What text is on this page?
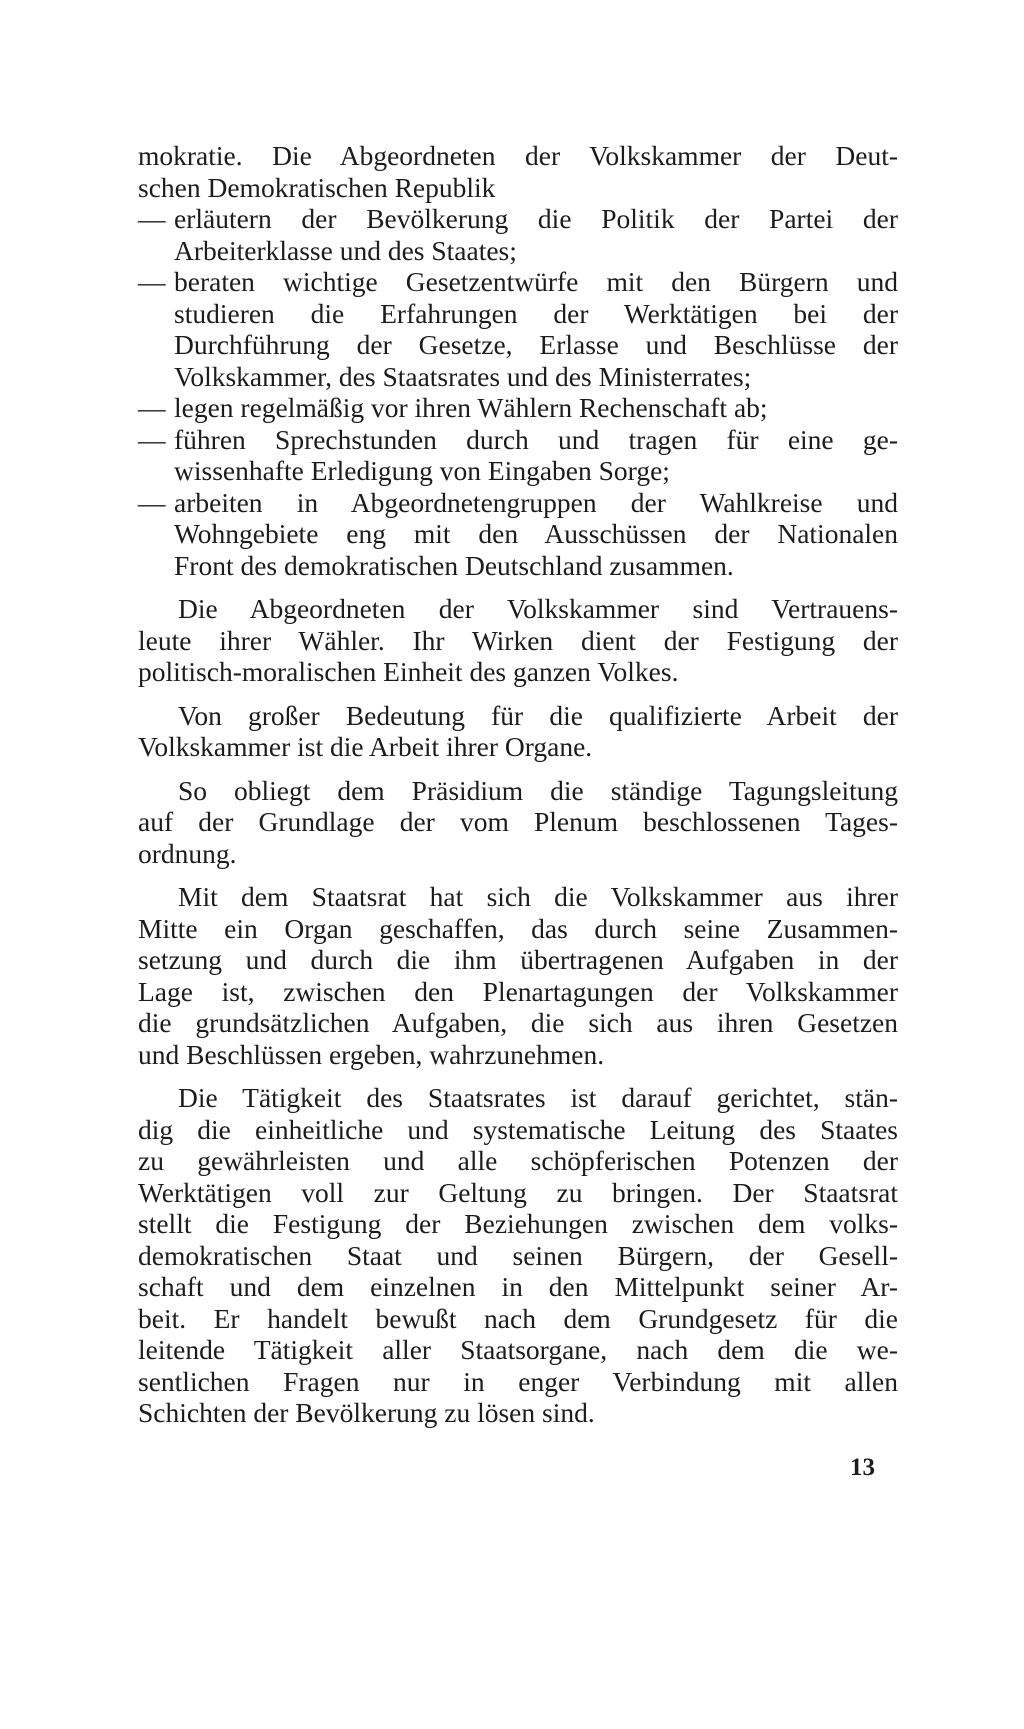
mokratie. Die Abgeordneten der Volkskammer der Deut-
schen Demokratischen Republik
— erläutern der Bevölkerung die Politik der Partei der
Arbeiterklasse und des Staates;
— beraten wichtige Gesetzentwürfe mit den Bürgern und
studieren die Erfahrungen der Werktätigen bei der
Durchführung der Gesetze, Erlasse und Beschlüsse der
Volkskammer, des Staatsrates und des Ministerrates;
— legen regelmäßig vor ihren Wählern Rechenschaft ab;
— führen Sprechstunden durch und tragen für eine ge-
wissenhafte Erledigung von Eingaben Sorge;
— arbeiten in Abgeordnetengruppen der Wahlkreise und
Wohngebiete eng mit den Ausschüssen der Nationalen
Front des demokratischen Deutschland zusammen.
Die Abgeordneten der Volkskammer sind Vertrauens-
leute ihrer Wähler. Ihr Wirken dient der Festigung der
politisch-moralischen Einheit des ganzen Volkes.
Von großer Bedeutung für die qualifizierte Arbeit der
Volkskammer ist die Arbeit ihrer Organe.
So obliegt dem Präsidium die ständige Tagungsleitung
auf der Grundlage der vom Plenum beschlossenen Tages-
ordnung.
Mit dem Staatsrat hat sich die Volkskammer aus ihrer
Mitte ein Organ geschaffen, das durch seine Zusammen-
setzung und durch die ihm übertragenen Aufgaben in der
Lage ist, zwischen den Plenartagungen der Volkskammer
die grundsätzlichen Aufgaben, die sich aus ihren Gesetzen
und Beschlüssen ergeben, wahrzunehmen.
Die Tätigkeit des Staatsrates ist darauf gerichtet, stän-
dig die einheitliche und systematische Leitung des Staates
zu gewährleisten und alle schöpferischen Potenzen der
Werktätigen voll zur Geltung zu bringen. Der Staatsrat
stellt die Festigung der Beziehungen zwischen dem volks-
demokratischen Staat und seinen Bürgern, der Gesell-
schaft und dem einzelnen in den Mittelpunkt seiner Ar-
beit. Er handelt bewußt nach dem Grundgesetz für die
leitende Tätigkeit aller Staatsorgane, nach dem die we-
sentlichen Fragen nur in enger Verbindung mit allen
Schichten der Bevölkerung zu lösen sind.
13
